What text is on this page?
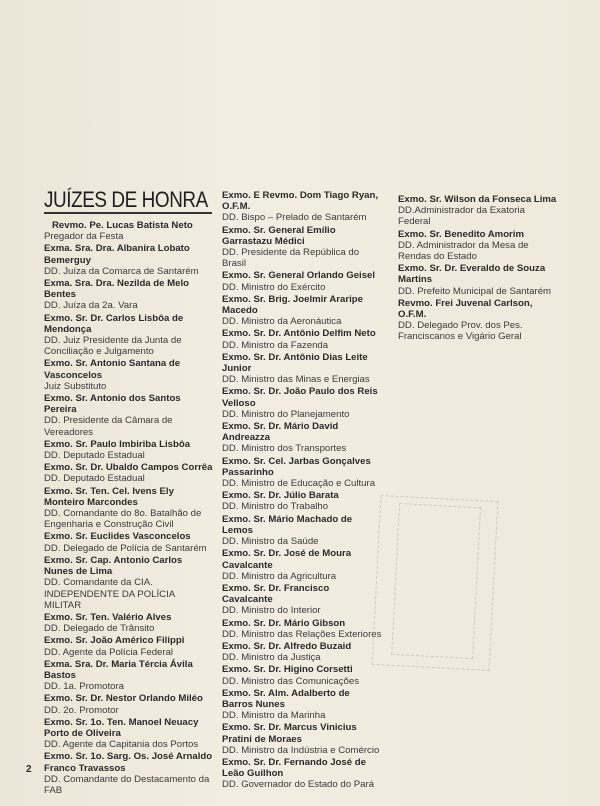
JUÍZES DE HONRA
Revmo. Pe. Lucas Batista Neto
Pregador da Festa
Exma. Sra. Dra. Albanira Lobato Bemerguy
DD. Juíza da Comarca de Santarém
Exma. Sra. Dra. Nezilda de Melo Bentes
DD. Juíza da 2a. Vara
Exmo. Sr. Dr. Carlos Lisbôa de Mendonça
DD. Juiz Presidente da Junta de Conciliação e Julgamento
Exmo. Sr. Antonio Santana de Vasconcelos
Juiz Substituto
Exmo. Sr. Antonio dos Santos Pereira
DD. Presidente da Câmara de Vereadores
Exmo. Sr. Paulo Imbiriba Lisbôa
DD. Deputado Estadual
Exmo. Sr. Dr. Ubaldo Campos Corrêa
DD. Deputado Estadual
Exmo. Sr. Ten. Cel. Ivens Ely Monteiro Marcondes
DD. Comandante do 8o. Batalhão de Engenharia e Construção Civil
Exmo. Sr. Euclides Vasconcelos
DD. Delegado de Polícia de Santarém
Exmo. Sr. Cap. Antonio Carlos Nunes de Lima
DD. Comandante da CIA. INDEPENDENTE DA POLÍCIA MILITAR
Exmo. Sr. Ten. Valério Alves
DD. Delegado de Trânsito
Exmo. Sr. João Américo Filippi
DD. Agente da Polícia Federal
Exma. Sra. Dr. Maria Tércia Ávila Bastos
DD. 1a. Promotora
Exmo. Sr. Dr. Nestor Orlando Miléo
DD. 2o. Promotor
Exmo. Sr. 1o. Ten. Manoel Neuacy Porto de Oliveira
DD. Agente da Capitania dos Portos
Exmo. Sr. 1o. Sarg. Os. José Arnaldo Franco Travassos
DD. Comandante do Destacamento da FAB
Exmo. E Revmo. Dom Tiago Ryan, O.F.M.
DD. Bispo – Prelado de Santarém
Exmo. Sr. General Emílio Garrastazu Médici
DD. Presidente da República do Brasil
Exmo. Sr. General Orlando Geisel
DD. Ministro do Exército
Exmo. Sr. Brig. Joelmir Araripe Macedo
DD. Ministro da Aeronáutica
Exmo. Sr. Dr. Antônio Delfim Neto
DD. Ministro da Fazenda
Exmo. Sr. Dr. Antônio Dias Leite Junior
DD. Ministro das Minas e Energias
Exmo. Sr. Dr. João Paulo dos Reis Velloso
DD. Ministro do Planejamento
Exmo. Sr. Dr. Mário David Andreazza
DD. Ministro dos Transportes
Exmo. Sr. Cel. Jarbas Gonçalves Passarinho
DD. Ministro de Educação e Cultura
Exmo. Sr. Dr. Júlio Barata
DD. Ministro do Trabalho
Exmo. Sr. Mário Machado de Lemos
DD. Ministro da Saúde
Exmo. Sr. Dr. José de Moura Cavalcante
DD. Ministro da Agricultura
Exmo. Sr. Dr. Francisco Cavalcante
DD. Ministro do Interior
Exmo. Sr. Dr. Mário Gibson
DD. Ministro das Relações Exteriores
Exmo. Sr. Dr. Alfredo Buzaid
DD. Ministro da Justiça
Exmo. Sr. Dr. Higino Corsetti
DD. Ministro das Comunicações
Exmo. Sr. Alm. Adalberto de Barros Nunes
DD. Ministro da Marinha
Exmo. Sr. Dr. Marcus Vinicius Pratini de Moraes
DD. Ministro da Indústria e Comércio
Exmo. Sr. Dr. Fernando José de Leão Guilhon
DD. Governador do Estado do Pará
Exmo. Sr. Wilson da Fonseca Lima
DD.Administrador da Exatoria Federal
Exmo. Sr. Benedito Amorim
DD. Administrador da Mesa de Rendas do Estado
Exmo. Sr. Dr. Everaldo de Souza Martins
DD. Prefeito Municipal de Santarém
Revmo. Frei Juvenal Carlson, O.F.M.
DD. Delegado Prov. dos Pes. Franciscanos e Vigário Geral
2
